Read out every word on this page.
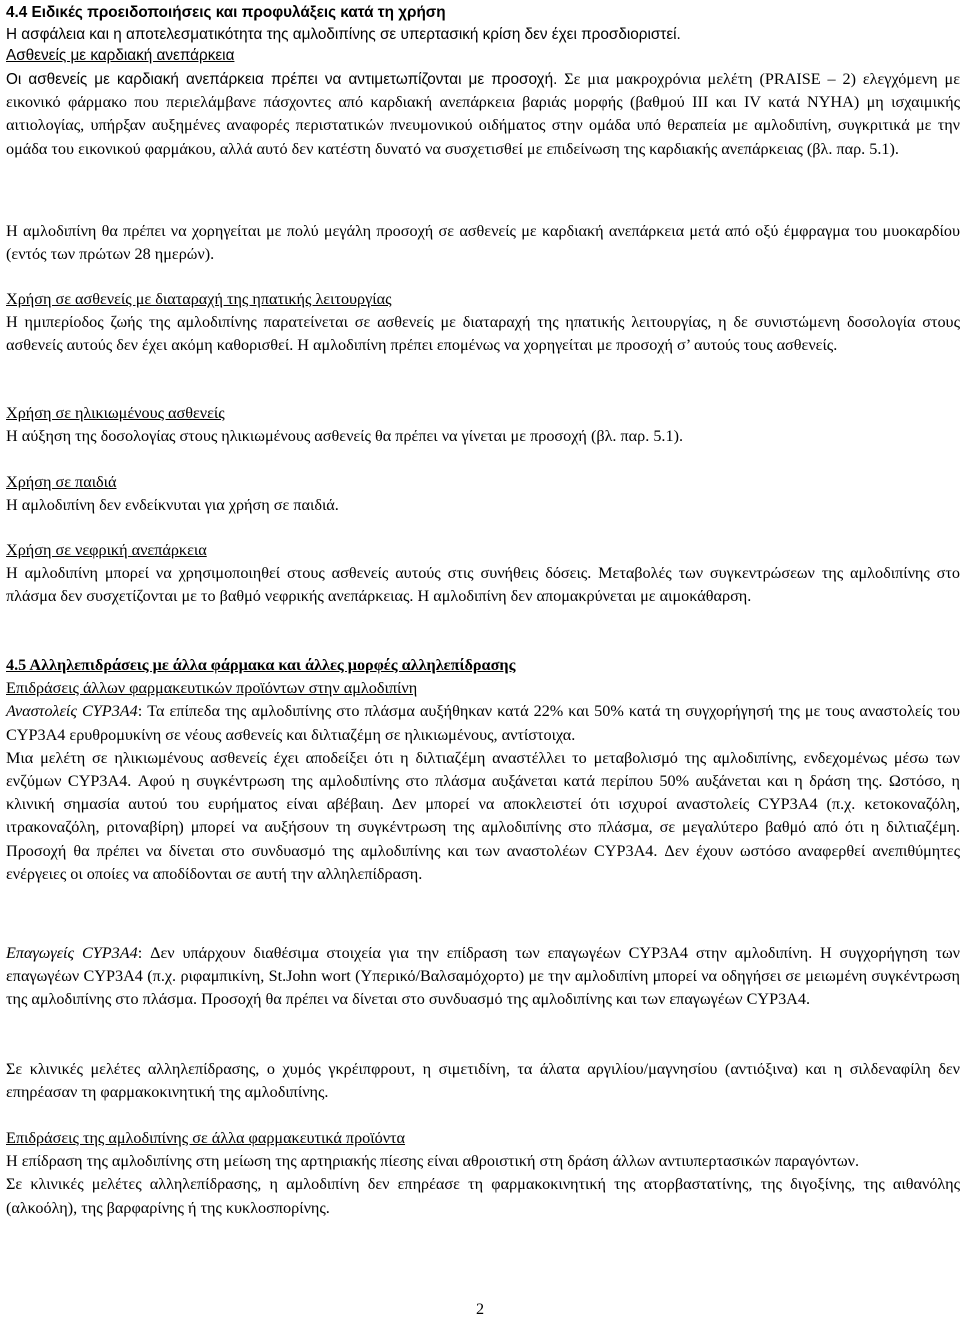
4.4 Ειδικές προειδοποιήσεις και προφυλάξεις κατά τη χρήση
Η ασφάλεια και η αποτελεσματικότητα της αμλοδιπίνης σε υπερτασική κρίση δεν έχει προσδιοριστεί.
Ασθενείς με καρδιακή ανεπάρκεια

Οι ασθενείς με καρδιακή ανεπάρκεια πρέπει να αντιμετωπίζονται με προσοχή. Σε μια μακροχρόνια μελέτη (PRAISE – 2) ελεγχόμενη με εικονικό φάρμακο που περιελάμβανε πάσχοντες από καρδιακή ανεπάρκεια βαριάς μορφής (βαθμού III και IV κατά NYHA) μη ισχαιμικής αιτιολογίας, υπήρξαν αυξημένες αναφορές περιστατικών πνευμονικού οιδήματος στην ομάδα υπό θεραπεία με αμλοδιπίνη, συγκριτικά με την ομάδα του εικονικού φαρμάκου, αλλά αυτό δεν κατέστη δυνατό να συσχετισθεί με επιδείνωση της καρδιακής ανεπάρκειας (βλ. παρ. 5.1).

Η αμλοδιπίνη θα πρέπει να χορηγείται με πολύ μεγάλη προσοχή σε ασθενείς με καρδιακή ανεπάρκεια μετά από οξύ έμφραγμα του μυοκαρδίου (εντός των πρώτων 28 ημερών).

Χρήση σε ασθενείς με διαταραχή της ηπατικής λειτουργίας
Η ημιπερίοδος ζωής της αμλοδιπίνης παρατείνεται σε ασθενείς με διαταραχή της ηπατικής λειτουργίας, η δε συνιστώμενη δοσολογία στους ασθενείς αυτούς δεν έχει ακόμη καθορισθεί. Η αμλοδιπίνη πρέπει επομένως να χορηγείται με προσοχή σ’ αυτούς τους ασθενείς.
Χρήση σε ηλικιωμένους ασθενείς
Η αύξηση της δοσολογίας στους ηλικιωμένους ασθενείς θα πρέπει να γίνεται με προσοχή (βλ. παρ. 5.1).
Χρήση σε παιδιά
Η αμλοδιπίνη δεν ενδείκνυται για χρήση σε παιδιά.
Χρήση σε νεφρική ανεπάρκεια
Η αμλοδιπίνη μπορεί να χρησιμοποιηθεί στους ασθενείς αυτούς στις συνήθεις δόσεις. Μεταβολές των συγκεντρώσεων της αμλοδιπίνης στο πλάσμα δεν συσχετίζονται με το βαθμό νεφρικής ανεπάρκειας. Η αμλοδιπίνη δεν απομακρύνεται με αιμοκάθαρση.
4.5 Αλληλεπιδράσεις με άλλα φάρμακα και άλλες μορφές αλληλεπίδρασης
Επιδράσεις άλλων φαρμακευτικών προϊόντων στην αμλοδιπίνη
Αναστολείς CYP3A4: Τα επίπεδα της αμλοδιπίνης στο πλάσμα αυξήθηκαν κατά 22% και 50% κατά τη συγχορήγησή της με τους αναστολείς του CYP3A4 ερυθρομυκίνη σε νέους ασθενείς και διλτιαζέμη σε ηλικιωμένους, αντίστοιχα.
Μια μελέτη σε ηλικιωμένους ασθενείς έχει αποδείξει ότι η διλτιαζέμη αναστέλλει το μεταβολισμό της αμλοδιπίνης, ενδεχομένως μέσω των ενζύμων CYP3A4. Αφού η συγκέντρωση της αμλοδιπίνης στο πλάσμα αυξάνεται κατά περίπου 50% αυξάνεται και η δράση της. Ωστόσο, η κλινική σημασία αυτού του ευρήματος είναι αβέβαιη. Δεν μπορεί να αποκλειστεί ότι ισχυροί αναστολείς CYP3A4 (π.χ. κετοκοναζόλη, ιτρακοναζόλη, ριτοναβίρη) μπορεί να αυξήσουν τη συγκέντρωση της αμλοδιπίνης στο πλάσμα, σε μεγαλύτερο βαθμό από ότι η διλτιαζέμη. Προσοχή θα πρέπει να δίνεται στο συνδυασμό της αμλοδιπίνης και των αναστολέων CYP3A4. Δεν έχουν ωστόσο αναφερθεί ανεπιθύμητες ενέργειες οι οποίες να αποδίδονται σε αυτή την αλληλεπίδραση.

Επαγωγείς CYP3A4: Δεν υπάρχουν διαθέσιμα στοιχεία για την επίδραση των επαγωγέων CYP3A4 στην αμλοδιπίνη. Η συγχορήγηση των επαγωγέων CYP3A4 (π.χ. ριφαμπικίνη, St.John wort (Υπερικό/Βαλσαμόχορτο) με την αμλοδιπίνη μπορεί να οδηγήσει σε μειωμένη συγκέντρωση της αμλοδιπίνης στο πλάσμα. Προσοχή θα πρέπει να δίνεται στο συνδυασμό της αμλοδιπίνης και των επαγωγέων CYP3A4.

Σε κλινικές μελέτες αλληλεπίδρασης, ο χυμός γκρέιπφρουτ, η σιμετιδίνη, τα άλατα αργιλίου/μαγνησίου (αντιόξινα) και η σιλδεναφίλη δεν επηρέασαν τη φαρμακοκινητική της αμλοδιπίνης.

Επιδράσεις της αμλοδιπίνης σε άλλα φαρμακευτικά προϊόντα
Η επίδραση της αμλοδιπίνης στη μείωση της αρτηριακής πίεσης είναι αθροιστική στη δράση άλλων αντιυπερτασικών παραγόντων.
Σε κλινικές μελέτες αλληλεπίδρασης, η αμλοδιπίνη δεν επηρέασε τη φαρμακοκινητική της ατορβαστατίνης, της διγοξίνης, της αιθανόλης (αλκοόλη), της βαρφαρίνης ή της κυκλοσπορίνης.
2
